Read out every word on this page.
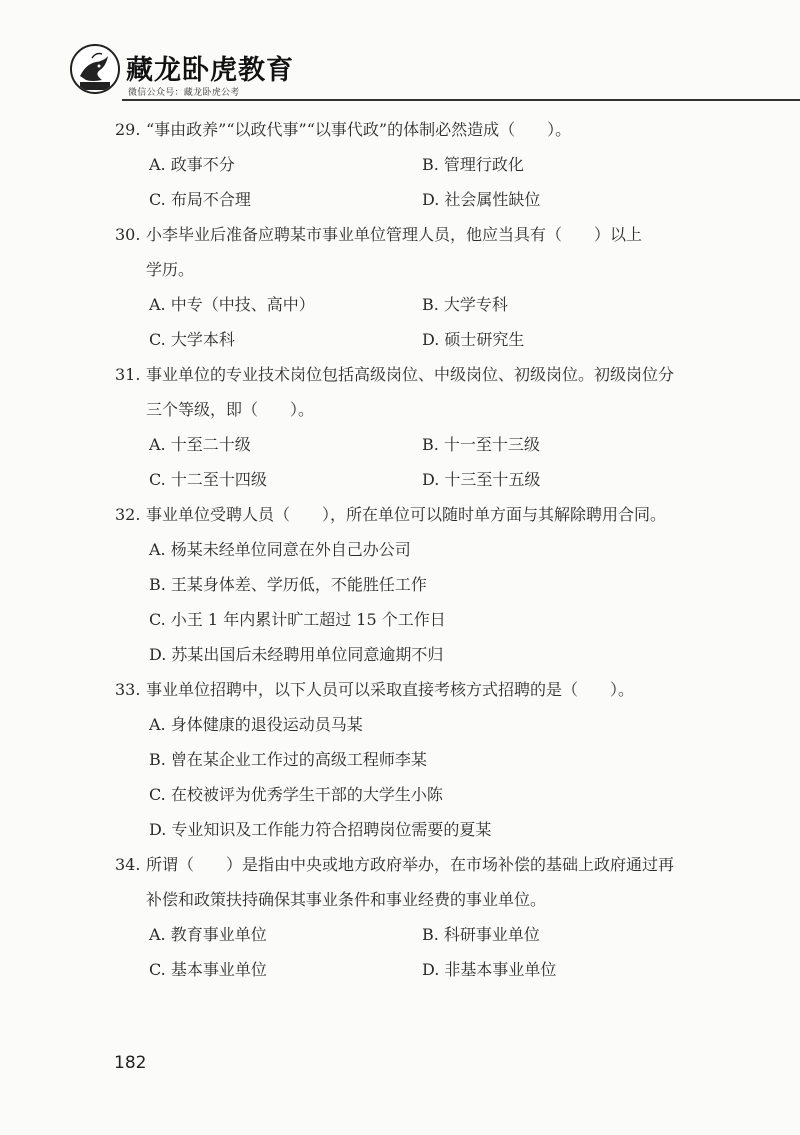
藏龙卧虎教育
微信公众号：藏龙卧虎公考
29. “事由政养”“以政代事”“以事代政”的体制必然造成（　　）。
A. 政事不分	B. 管理行政化
C. 布局不合理	D. 社会属性缺位
30. 小李毕业后准备应聘某市事业单位管理人员，他应当具有（　　）以上
学历。
A. 中专（中技、高中）	B. 大学专科
C. 大学本科	D. 硕士研究生
31. 事业单位的专业技术岗位包括高级岗位、中级岗位、初级岗位。初级岗位分
三个等级，即（　　）。
A. 十至二十级	B. 十一至十三级
C. 十二至十四级	D. 十三至十五级
32. 事业单位受聘人员（　　），所在单位可以随时单方面与其解除聘用合同。
A. 杨某未经单位同意在外自己办公司
B. 王某身体差、学历低，不能胜任工作
C. 小王 1 年内累计旷工超过 15 个工作日
D. 苏某出国后未经聘用单位同意逾期不归
33. 事业单位招聘中，以下人员可以采取直接考核方式招聘的是（　　）。
A. 身体健康的退役运动员马某
B. 曾在某企业工作过的高级工程师李某
C. 在校被评为优秀学生干部的大学生小陈
D. 专业知识及工作能力符合招聘岗位需要的夏某
34. 所谓（　　）是指由中央或地方政府举办，在市场补偿的基础上政府通过再
补偿和政策扶持确保其事业条件和事业经费的事业单位。
A. 教育事业单位	B. 科研事业单位
C. 基本事业单位	D. 非基本事业单位
182
